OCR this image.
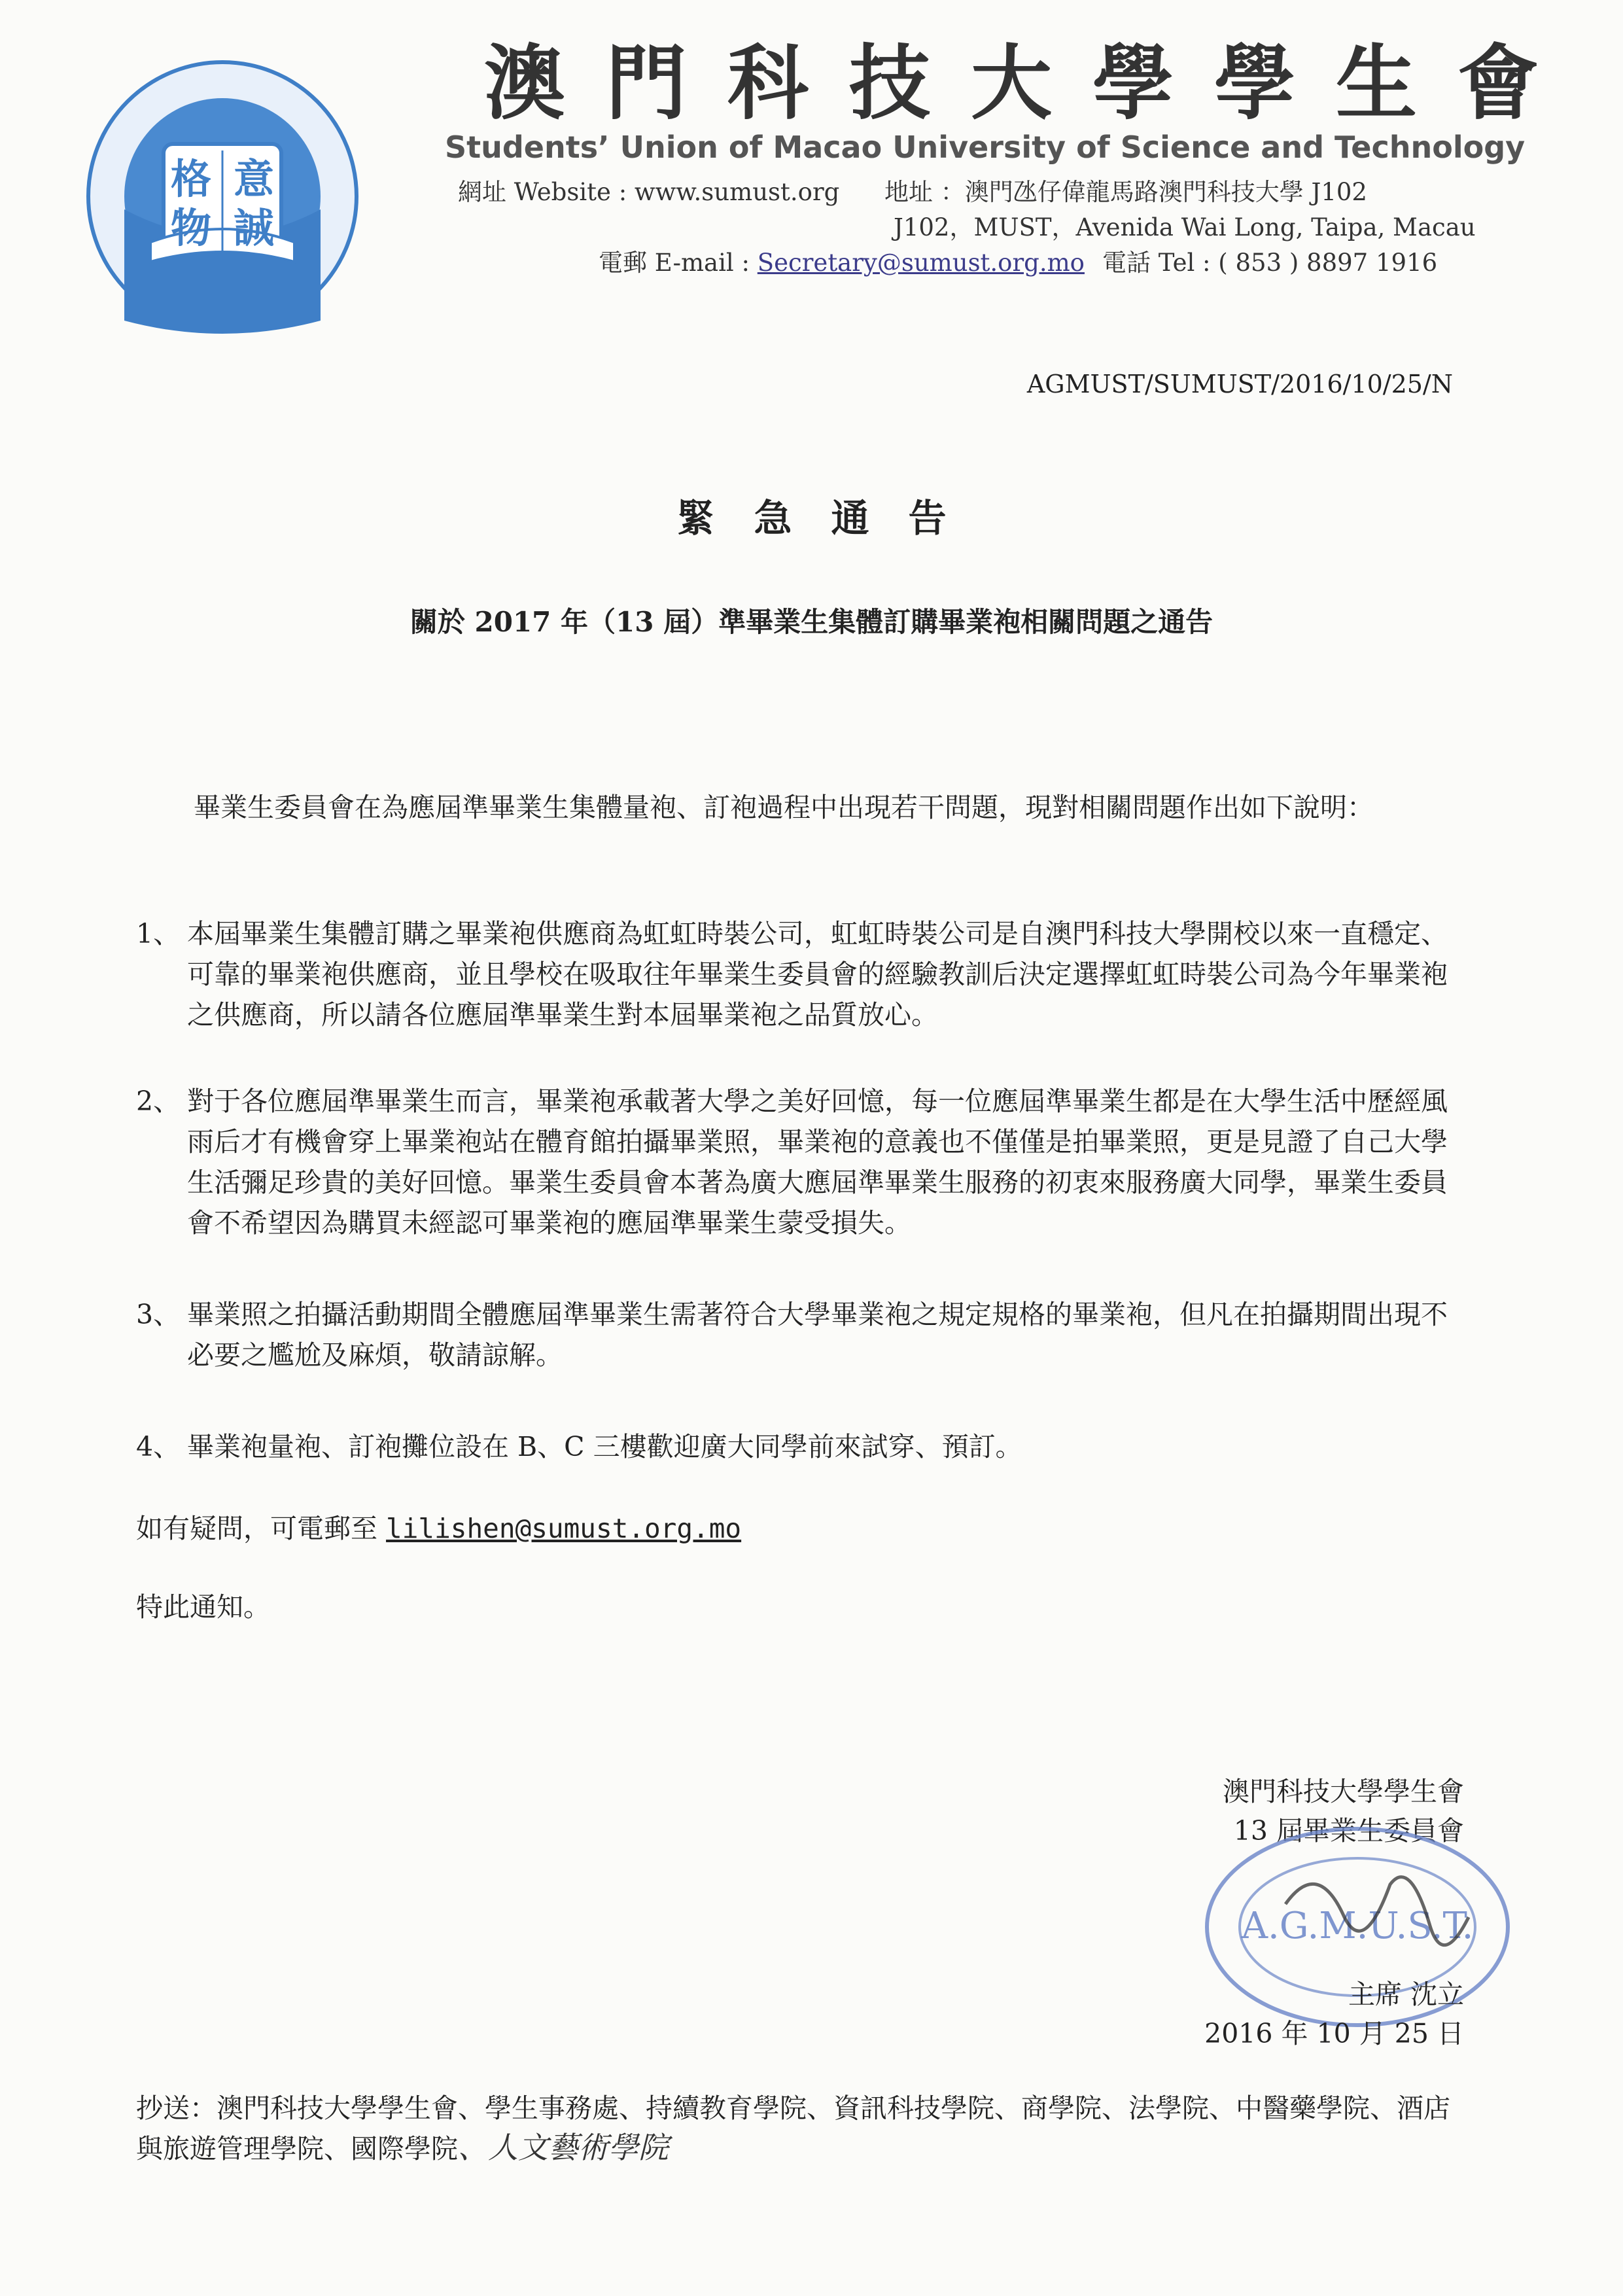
格 意
物 誠
澳門科技大學學生會
Students’ Union of Macao University of Science and Technology
網址 Website : www.sumust.org 地址 ：澳門氹仔偉龍馬路澳門科技大學 J102
J102，MUST，Avenida Wai Long, Taipa, Macau
電郵 E-mail : Secretary@sumust.org.mo 電話 Tel : ( 853 ) 8897 1916
AGMUST/SUMUST/2016/10/25/N
緊急通告
關於 2017 年（13 屆）準畢業生集體訂購畢業袍相關問題之通告
畢業生委員會在為應屆準畢業生集體量袍、訂袍過程中出現若干問題，現對相關問題作出如下說明：
1、 本屆畢業生集體訂購之畢業袍供應商為虹虹時裝公司，虹虹時裝公司是自澳門科技大學開校以來一直穩定、可靠的畢業袍供應商，並且學校在吸取往年畢業生委員會的經驗教訓后決定選擇虹虹時裝公司為今年畢業袍之供應商，所以請各位應屆準畢業生對本屆畢業袍之品質放心。
2、 對于各位應屆準畢業生而言，畢業袍承載著大學之美好回憶，每一位應屆準畢業生都是在大學生活中歷經風雨后才有機會穿上畢業袍站在體育館拍攝畢業照，畢業袍的意義也不僅僅是拍畢業照，更是見證了自己大學生活彌足珍貴的美好回憶。畢業生委員會本著為廣大應屆準畢業生服務的初衷來服務廣大同學，畢業生委員會不希望因為購買未經認可畢業袍的應屆準畢業生蒙受損失。
3、 畢業照之拍攝活動期間全體應屆準畢業生需著符合大學畢業袍之規定規格的畢業袍，但凡在拍攝期間出現不必要之尷尬及麻煩，敬請諒解。
4、 畢業袍量袍、訂袍攤位設在 B、C 三樓歡迎廣大同學前來試穿、預訂。
如有疑問，可電郵至 lilishen@sumust.org.mo
特此通知。
澳門科技大學學生會
13 屆畢業生委員會
A.G.M.U.S.T.
主席 沈立
2016 年 10 月 25 日
抄送：澳門科技大學學生會、學生事務處、持續教育學院、資訊科技學院、商學院、法學院、中醫藥學院、酒店與旅遊管理學院、國際學院、人文藝術學院
